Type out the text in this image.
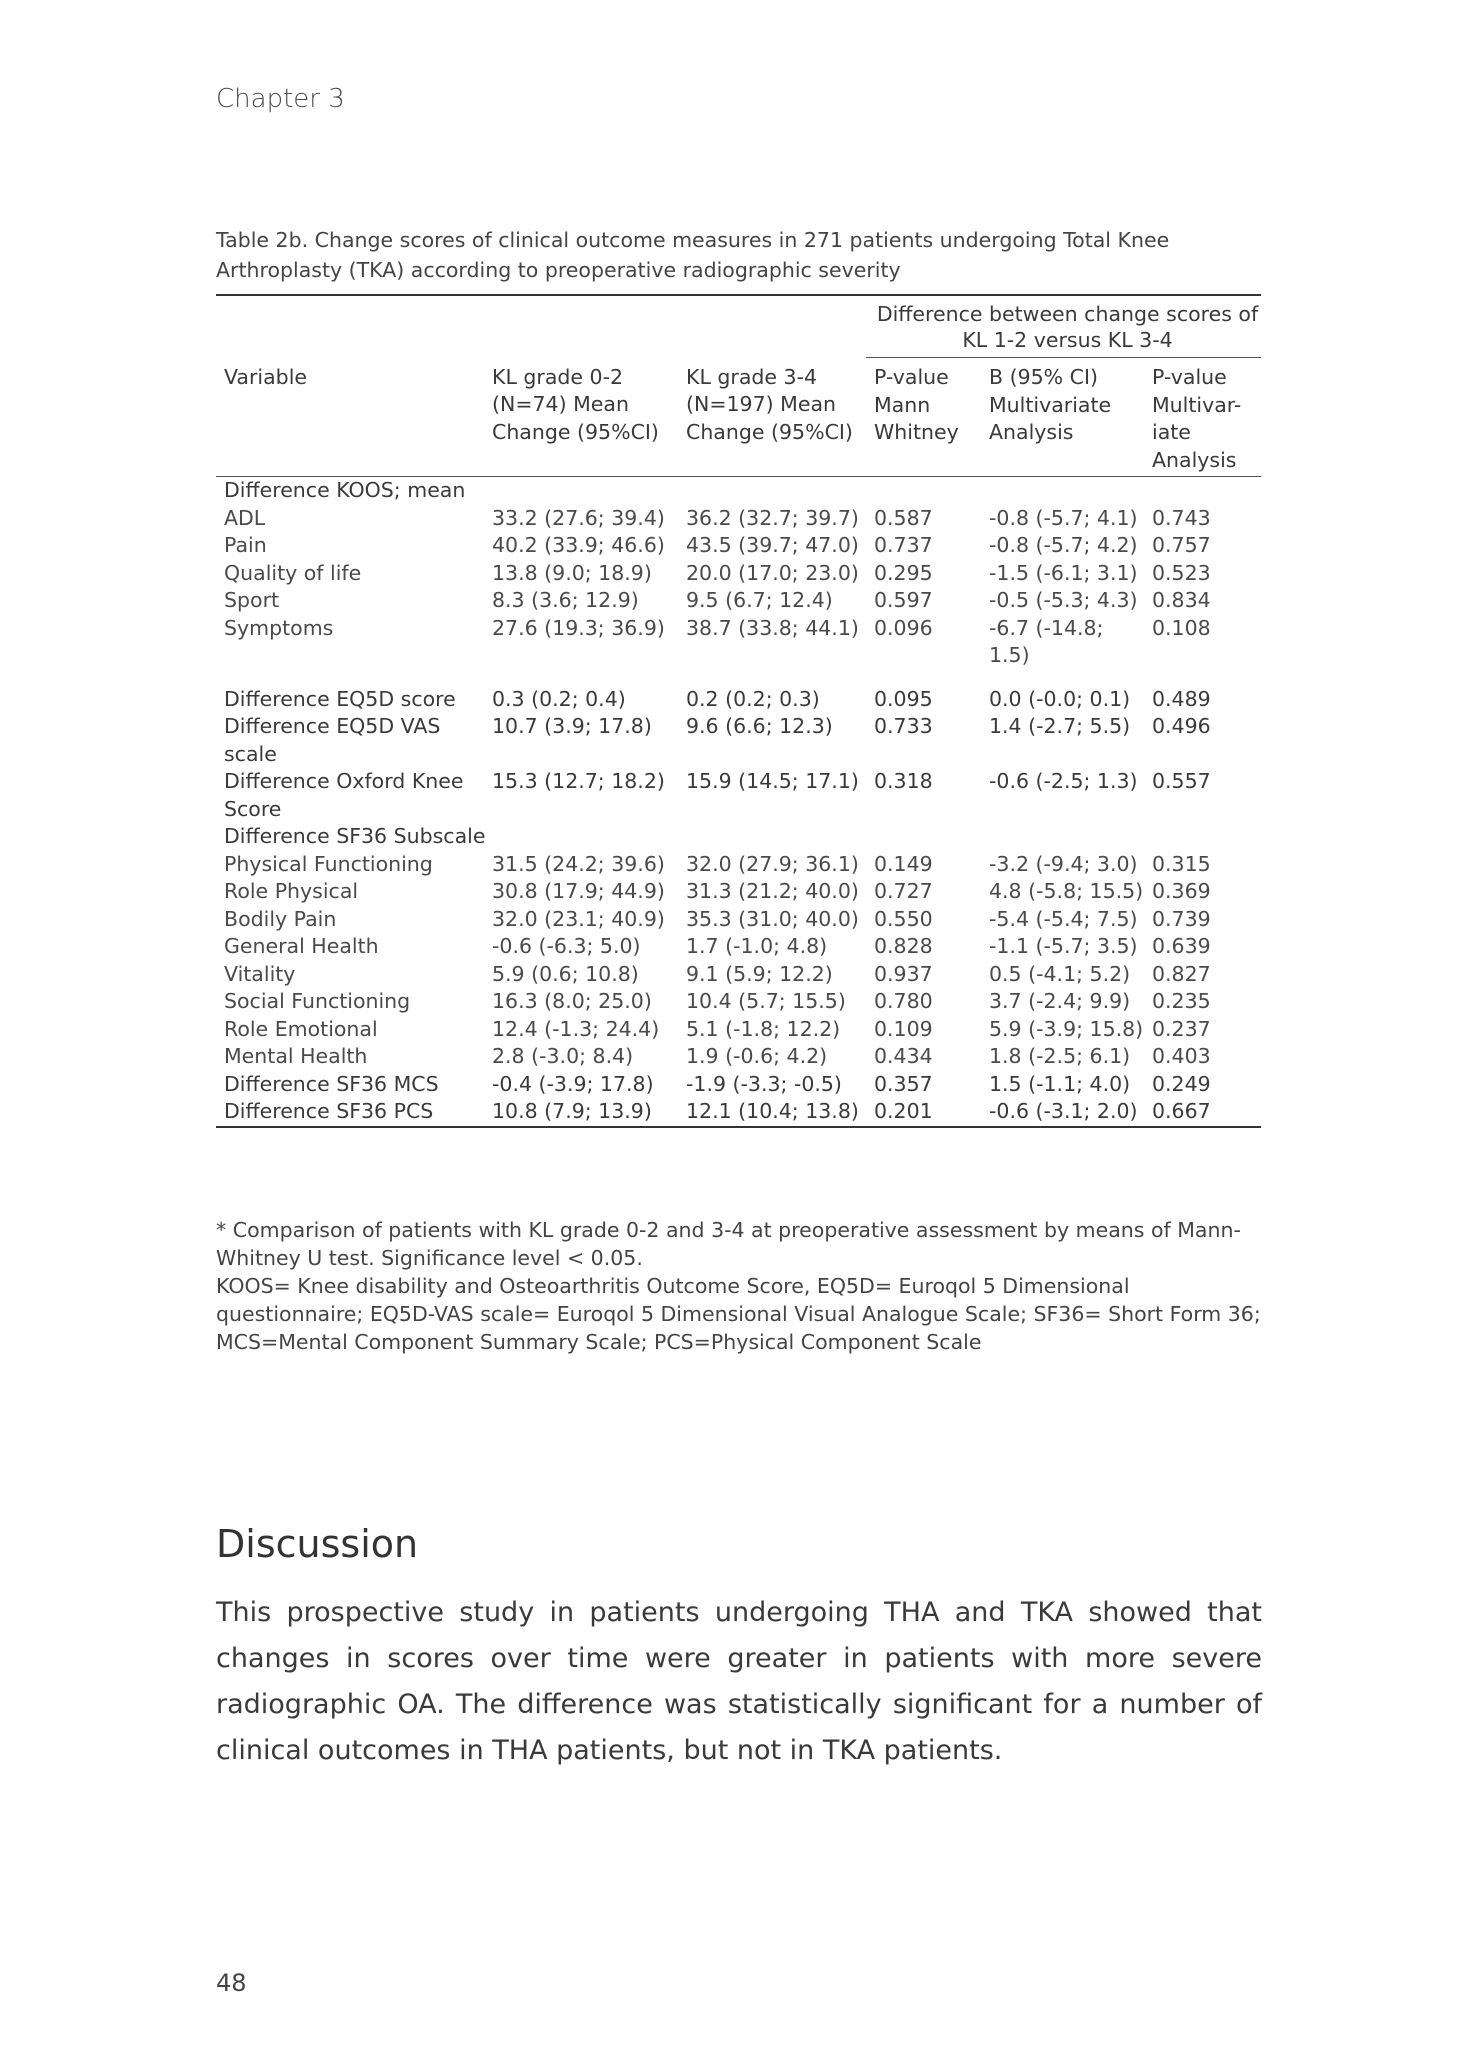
Chapter 3
Table 2b. Change scores of clinical outcome measures in 271 patients undergoing Total Knee Arthroplasty (TKA) according to preoperative radiographic severity

			Difference between change scores of KL 1-2 versus KL 3-4		
Variable	KL grade 0-2 (N=74) Mean Change (95%CI)	KL grade 3-4 (N=197) Mean Change (95%CI)	P-value Mann Whitney	B (95% CI) Multivariate Analysis	P-value Multivar-iate Analysis
Difference KOOS; mean					
ADL	33.2 (27.6; 39.4)	36.2 (32.7; 39.7)	0.587	-0.8 (-5.7; 4.1)	0.743
Pain	40.2 (33.9; 46.6)	43.5 (39.7; 47.0)	0.737	-0.8 (-5.7; 4.2)	0.757
Quality of life	13.8 (9.0; 18.9)	20.0 (17.0; 23.0)	0.295	-1.5 (-6.1; 3.1)	0.523
Sport	8.3 (3.6; 12.9)	9.5 (6.7; 12.4)	0.597	-0.5 (-5.3; 4.3)	0.834
Symptoms	27.6 (19.3; 36.9)	38.7 (33.8; 44.1)	0.096	-6.7 (-14.8; 1.5)	0.108

Difference EQ5D score	0.3 (0.2; 0.4)	0.2 (0.2; 0.3)	0.095	0.0 (-0.0; 0.1)	0.489
Difference EQ5D VAS scale	10.7 (3.9; 17.8)	9.6 (6.6; 12.3)	0.733	1.4 (-2.7; 5.5)	0.496
Difference Oxford Knee Score	15.3 (12.7; 18.2)	15.9 (14.5; 17.1)	0.318	-0.6 (-2.5; 1.3)	0.557
Difference SF36 Subscale					
Physical Functioning	31.5 (24.2; 39.6)	32.0 (27.9; 36.1)	0.149	-3.2 (-9.4; 3.0)	0.315
Role Physical	30.8 (17.9; 44.9)	31.3 (21.2; 40.0)	0.727	4.8 (-5.8; 15.5)	0.369
Bodily Pain	32.0 (23.1; 40.9)	35.3 (31.0; 40.0)	0.550	-5.4 (-5.4; 7.5)	0.739
General Health	-0.6 (-6.3; 5.0)	1.7 (-1.0; 4.8)	0.828	-1.1 (-5.7; 3.5)	0.639
Vitality	5.9 (0.6; 10.8)	9.1 (5.9; 12.2)	0.937	0.5 (-4.1; 5.2)	0.827
Social Functioning	16.3 (8.0; 25.0)	10.4 (5.7; 15.5)	0.780	3.7 (-2.4; 9.9)	0.235
Role Emotional	12.4 (-1.3; 24.4)	5.1 (-1.8; 12.2)	0.109	5.9 (-3.9; 15.8)	0.237
Mental Health	2.8 (-3.0; 8.4)	1.9 (-0.6; 4.2)	0.434	1.8 (-2.5; 6.1)	0.403
Difference SF36 MCS	-0.4 (-3.9; 17.8)	-1.9 (-3.3; -0.5)	0.357	1.5 (-1.1; 4.0)	0.249
Difference SF36 PCS	10.8 (7.9; 13.9)	12.1 (10.4; 13.8)	0.201	-0.6 (-3.1; 2.0)	0.667

* Comparison of patients with KL grade 0-2 and 3-4 at preoperative assessment by means of Mann-Whitney U test. Significance level < 0.05.

KOOS= Knee disability and Osteoarthritis Outcome Score, EQ5D= Euroqol 5 Dimensional questionnaire; EQ5D-VAS scale= Euroqol 5 Dimensional Visual Analogue Scale; SF36= Short Form 36; MCS=Mental Component Summary Scale; PCS=Physical Component Scale

Discussion

This prospective study in patients undergoing THA and TKA showed that changes in scores over time were greater in patients with more severe radiographic OA. The difference was statistically significant for a number of clinical outcomes in THA patients, but not in TKA patients.

48
